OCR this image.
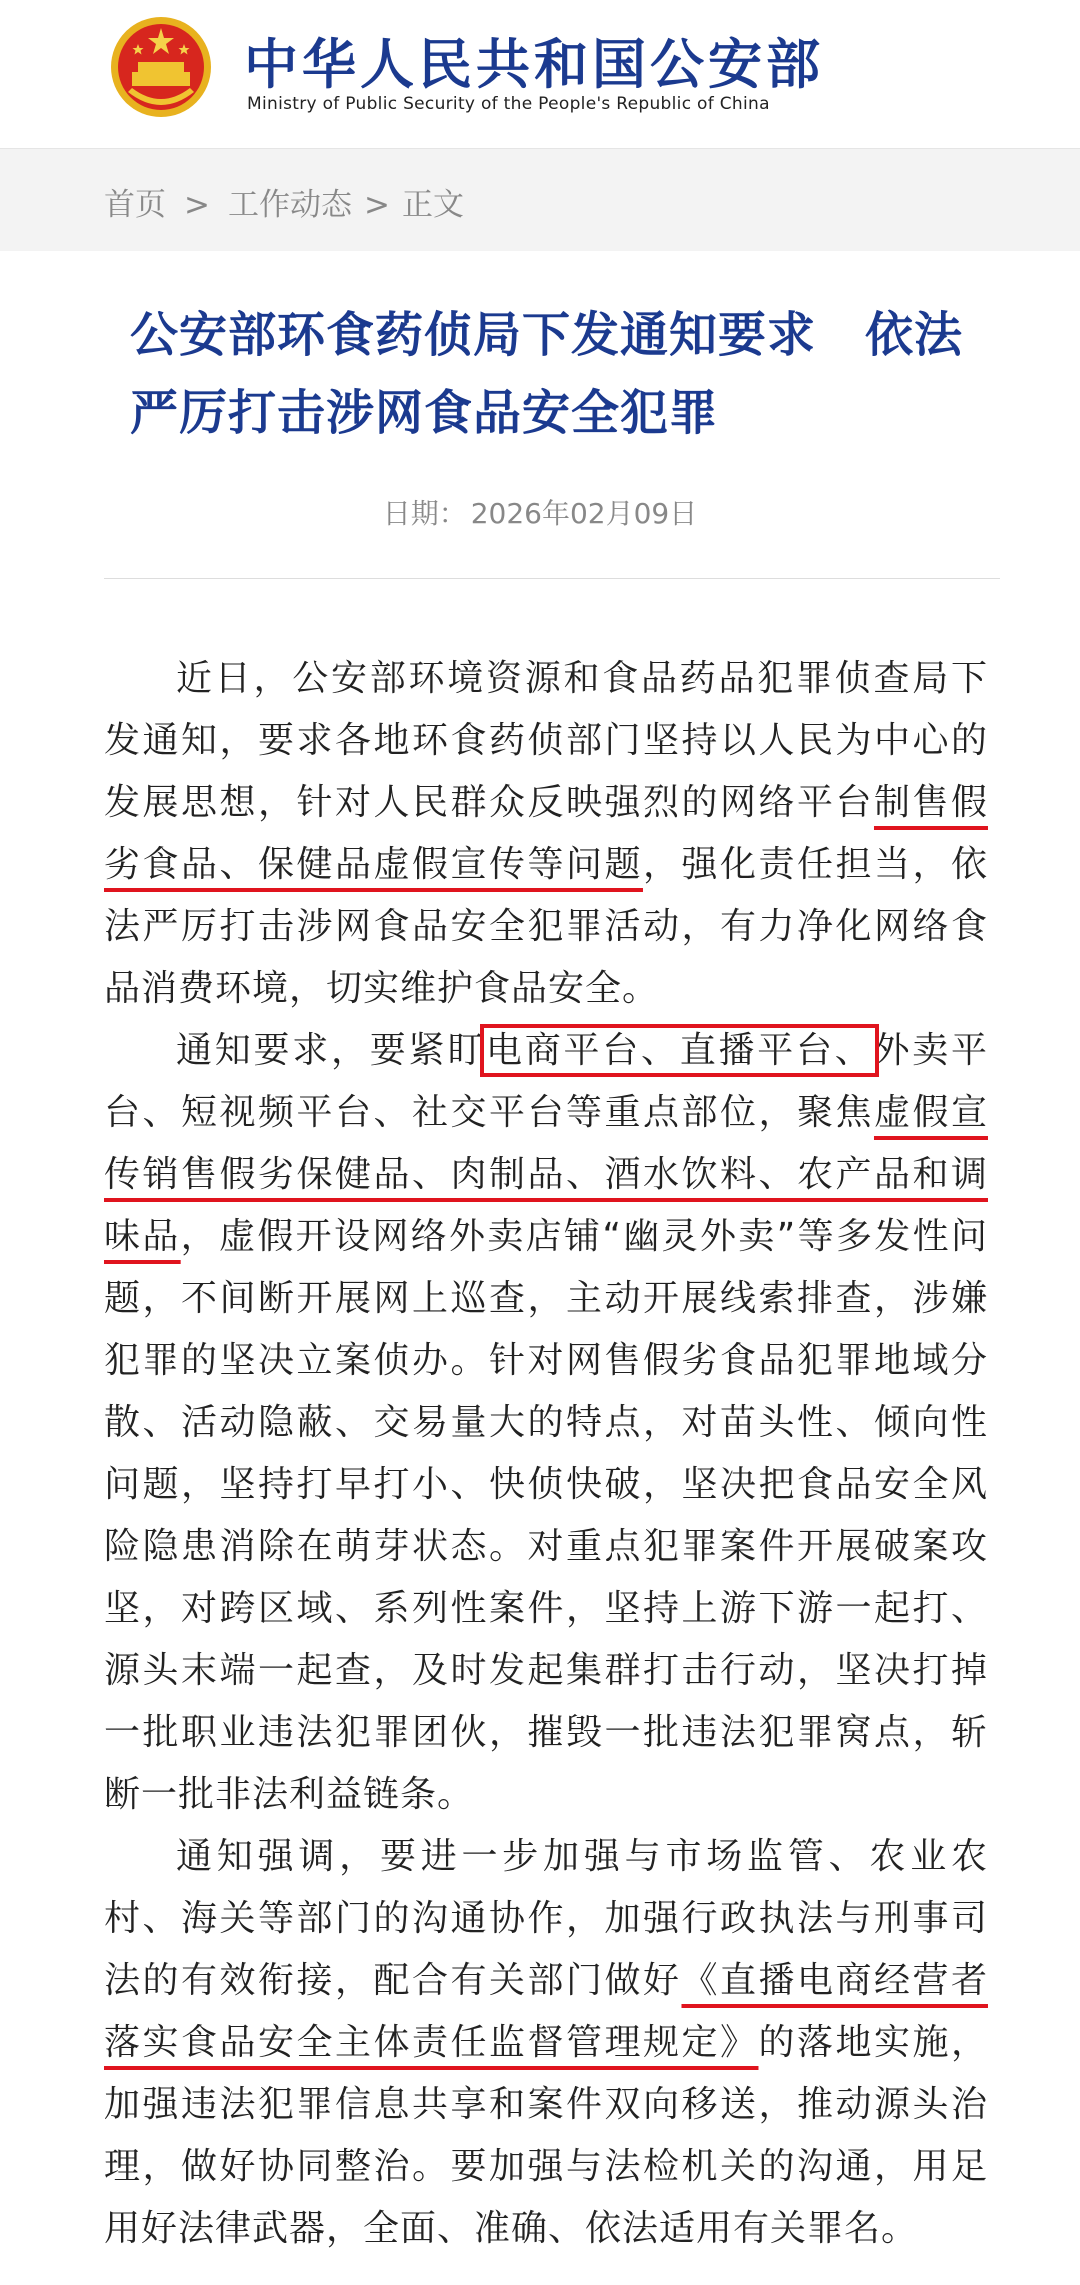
中华人民共和国公安部
Ministry of Public Security of the People's Republic of China
首页 > 工作动态 > 正文
公安部环食药侦局下发通知要求　依法严厉打击涉网食品安全犯罪
日期： 2026年02月09日

近日，公安部环境资源和食品药品犯罪侦查局下发通知，要求各地环食药侦部门坚持以人民为中心的发展思想，针对人民群众反映强烈的网络平台制售假劣食品、保健品虚假宣传等问题，强化责任担当，依法严厉打击涉网食品安全犯罪活动，有力净化网络食品消费环境，切实维护食品安全。

通知要求，要紧盯电商平台、直播平台、外卖平台、短视频平台、社交平台等重点部位，聚焦虚假宣传销售假劣保健品、肉制品、酒水饮料、农产品和调味品，虚假开设网络外卖店铺“幽灵外卖”等多发性问题，不间断开展网上巡查，主动开展线索排查，涉嫌犯罪的坚决立案侦办。针对网售假劣食品犯罪地域分散、活动隐蔽、交易量大的特点，对苗头性、倾向性问题，坚持打早打小、快侦快破，坚决把食品安全风险隐患消除在萌芽状态。对重点犯罪案件开展破案攻坚，对跨区域、系列性案件，坚持上游下游一起打、源头末端一起查，及时发起集群打击行动，坚决打掉一批职业违法犯罪团伙，摧毁一批违法犯罪窝点，斩断一批非法利益链条。

通知强调，要进一步加强与市场监管、农业农村、海关等部门的沟通协作，加强行政执法与刑事司法的有效衔接，配合有关部门做好《直播电商经营者落实食品安全主体责任监督管理规定》的落地实施，加强违法犯罪信息共享和案件双向移送，推动源头治理，做好协同整治。要加强与法检机关的沟通，用足用好法律武器，全面、准确、依法适用有关罪名。
